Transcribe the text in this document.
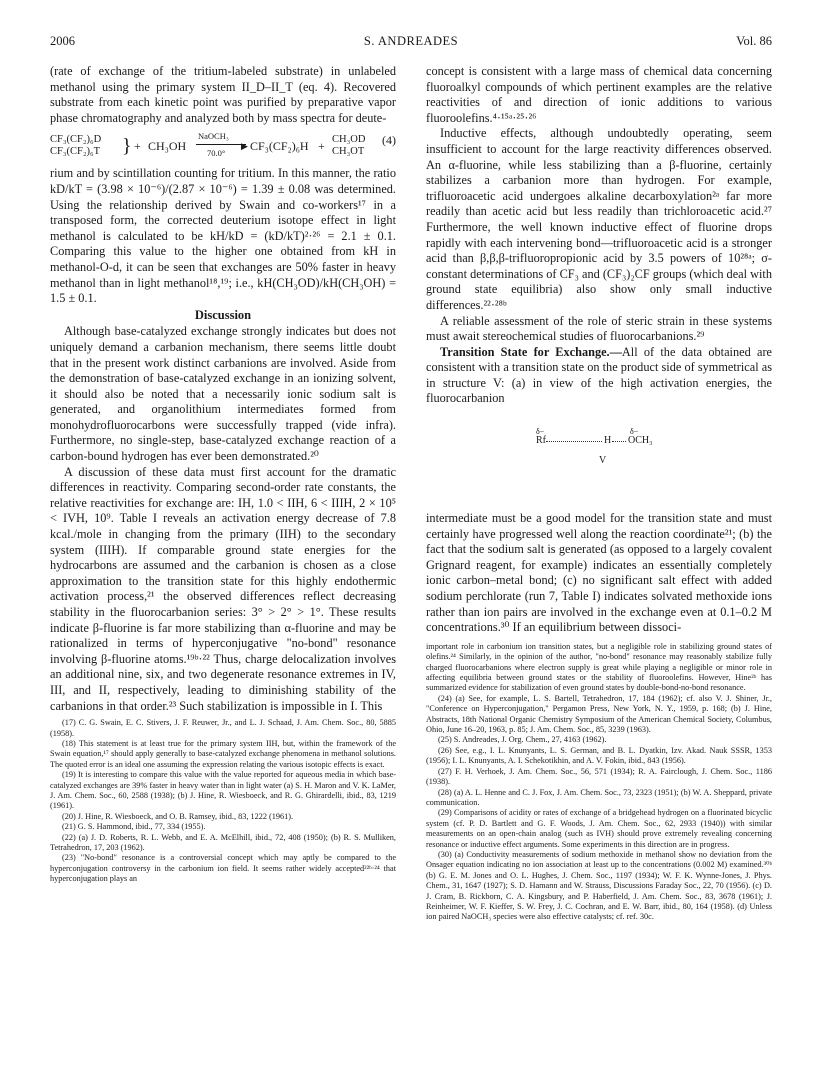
2006	S. ANDREADES	Vol. 86

(rate of exchange of the tritium-labeled substrate) in unlabeled methanol using the primary system II_D–II_T (eq. 4). Recovered substrate from each kinetic point was purified by preparative vapor phase chromatography and analyzed both by mass spectra for deute-

CF₃(CF₂)₆D
CF₃(CF₂)₆T } + CH₃OH
NaOCH₃
▶
70.0° CF₃(CF₂)₆H + CH₃OD
CH₃OT
(4)

rium and by scintillation counting for tritium. In this manner, the ratio kD/kT = (3.98 × 10⁻⁶)/(2.87 × 10⁻⁶) = 1.39 ± 0.08 was determined. Using the relationship derived by Swain and co-workers¹⁷ in a transposed form, the corrected deuterium isotope effect in light methanol is calculated to be kH/kD = (kD/kT)²·²⁶ = 2.1 ± 0.1. Comparing this value to the higher one obtained from kH in methanol-O-d, it can be seen that exchanges are 50% faster in heavy methanol than in light methanol¹⁸,¹⁹; i.e., kH(CH₃OD)/kH(CH₃OH) = 1.5 ± 0.1.

Discussion

Although base-catalyzed exchange strongly indicates but does not uniquely demand a carbanion mechanism, there seems little doubt that in the present work distinct carbanions are involved. Aside from the demonstration of base-catalyzed exchange in an ionizing solvent, it should also be noted that a necessarily ionic sodium salt is generated, and organolithium intermediates formed from monohydrofluorocarbons were successfully trapped (vide infra). Furthermore, no single-step, base-catalyzed exchange reaction of a carbon-bound hydrogen has ever been demonstrated.²⁰

A discussion of these data must first account for the dramatic differences in reactivity. Comparing second-order rate constants, the relative reactivities for exchange are: IH, 1.0 < IIH, 6 < IIIH, 2 × 10⁵ < IVH, 10⁹. Table I reveals an activation energy decrease of 7.8 kcal./mole in changing from the primary (IIH) to the secondary system (IIIH). If comparable ground state energies for the hydrocarbons are assumed and the carbanion is chosen as a close approximation to the transition state for this highly endothermic activation process,²¹ the observed differences reflect decreasing stability in the fluorocarbanion series: 3° > 2° > 1°. These results indicate β-fluorine is far more stabilizing than α-fluorine and may be rationalized in terms of hyperconjugative "no-bond" resonance involving β-fluorine atoms.¹⁹ᵇ·²² Thus, charge delocalization involves an additional nine, six, and two degenerate resonance extremes in IV, III, and II, respectively, leading to diminishing stability of the carbanions in that order.²³ Such stabilization is impossible in I. This

(17) C. G. Swain, E. C. Stivers, J. F. Reuwer, Jr., and L. J. Schaad, J. Am. Chem. Soc., 80, 5885 (1958).

(18) This statement is at least true for the primary system IIH, but, within the framework of the Swain equation,¹⁷ should apply generally to base-catalyzed exchange phenomena in methanol solutions. The quoted error is an ideal one assuming the expression relating the various isotopic effects is exact.

(19) It is interesting to compare this value with the value reported for aqueous media in which base-catalyzed exchanges are 39% faster in heavy water than in light water (a) S. H. Maron and V. K. LaMer, J. Am. Chem. Soc., 60, 2588 (1938); (b) J. Hine, R. Wiesboeck, and R. G. Ghirardelli, ibid., 83, 1219 (1961).

(20) J. Hine, R. Wiesboeck, and O. B. Ramsey, ibid., 83, 1222 (1961).

(21) G. S. Hammond, ibid., 77, 334 (1955).

(22) (a) J. D. Roberts, R. L. Webb, and E. A. McElhill, ibid., 72, 408 (1950); (b) R. S. Mulliken, Tetrahedron, 17, 203 (1962).

(23) "No-bond" resonance is a controversial concept which may aptly be compared to the hyperconjugation controversy in the carbonium ion field. It seems rather widely accepted²²ᵇ·²⁴ that hyperconjugation plays an

concept is consistent with a large mass of chemical data concerning fluoroalkyl compounds of which pertinent examples are the relative reactivities of and direction of ionic additions to various fluoroolefins.⁴·¹⁵ᵃ·²⁵·²⁶

Inductive effects, although undoubtedly operating, seem insufficient to account for the large reactivity differences observed. An α-fluorine, while less stabilizing than a β-fluorine, certainly stabilizes a carbanion more than hydrogen. For example, trifluoroacetic acid undergoes alkaline decarboxylation²ᵃ far more readily than acetic acid but less readily than trichloroacetic acid.²⁷ Furthermore, the well known inductive effect of fluorine drops rapidly with each intervening bond—trifluoroacetic acid is a stronger acid than β,β,β-trifluoropropionic acid by 3.5 powers of 10²⁸ᵃ; σ-constant determinations of CF₃ and (CF₃)₂CF groups (which deal with ground state equilibria) also show only small inductive differences.²²·²⁸ᵇ

A reliable assessment of the role of steric strain in these systems must await stereochemical studies of fluorocarbanions.²⁹

Transition State for Exchange.—All of the data obtained are consistent with a transition state on the product side of symmetrical as in structure V: (a) in view of the high activation energies, the fluorocarbanion

δ−	δ−
Rf	H OCH₃
V

intermediate must be a good model for the transition state and must certainly have progressed well along the reaction coordinate²¹; (b) the fact that the sodium salt is generated (as opposed to a largely covalent Grignard reagent, for example) indicates an essentially completely ionic carbon–metal bond; (c) no significant salt effect with added sodium perchlorate (run 7, Table I) indicates solvated methoxide ions rather than ion pairs are involved in the exchange even at 0.1–0.2 M concentrations.³⁰ If an equilibrium between dissoci-

important role in carbonium ion transition states, but a negligible role in stabilizing ground states of olefins.²⁴ Similarly, in the opinion of the author, "no-bond" resonance may reasonably stabilize fully charged fluorocarbanions where electron supply is great while playing a negligible or minor role in affecting equilibria between ground states or the stability of fluoroolefins. However, Hine²ᵇ has summarized evidence for stabilization of even ground states by double-bond-no-bond resonance.

(24) (a) See, for example, L. S. Bartell, Tetrahedron, 17, 184 (1962); cf. also V. J. Shiner, Jr., "Conference on Hyperconjugation," Pergamon Press, New York, N. Y., 1959, p. 168; (b) J. Hine, Abstracts, 18th National Organic Chemistry Symposium of the American Chemical Society, Columbus, Ohio, June 16–20, 1963, p. 85; J. Am. Chem. Soc., 85, 3239 (1963).

(25) S. Andreades, J. Org. Chem., 27, 4163 (1962).

(26) See, e.g., I. L. Knunyants, L. S. German, and B. L. Dyatkin, Izv. Akad. Nauk SSSR, 1353 (1956); I. L. Knunyants, A. I. Schekotikhin, and A. V. Fokin, ibid., 843 (1956).

(27) F. H. Verhoek, J. Am. Chem. Soc., 56, 571 (1934); R. A. Fairclough, J. Chem. Soc., 1186 (1938).

(28) (a) A. L. Henne and C. J. Fox, J. Am. Chem. Soc., 73, 2323 (1951); (b) W. A. Sheppard, private communication.

(29) Comparisons of acidity or rates of exchange of a bridgehead hydrogen on a fluorinated bicyclic system (cf. P. D. Bartlett and G. F. Woods, J. Am. Chem. Soc., 62, 2933 (1940)) with similar measurements on an open-chain analog (such as IVH) should prove extremely revealing concerning resonance or inductive effect arguments. Some experiments in this direction are in progress.

(30) (a) Conductivity measurements of sodium methoxide in methanol show no deviation from the Onsager equation indicating no ion association at least up to the concentrations (0.002 M) examined.³⁰ᵇ (b) G. E. M. Jones and O. L. Hughes, J. Chem. Soc., 1197 (1934); W. F. K. Wynne-Jones, J. Phys. Chem., 31, 1647 (1927); S. D. Hamann and W. Strauss, Discussions Faraday Soc., 22, 70 (1956). (c) D. J. Cram, B. Rickborn, C. A. Kingsbury, and P. Haberfield, J. Am. Chem. Soc., 83, 3678 (1961); J. Reinheimer, W. F. Kieffer, S. W. Frey, J. C. Cochran, and E. W. Barr, ibid., 80, 164 (1958). (d) Unless ion paired NaOCH₃ species were also effective catalysts; cf. ref. 30c.
